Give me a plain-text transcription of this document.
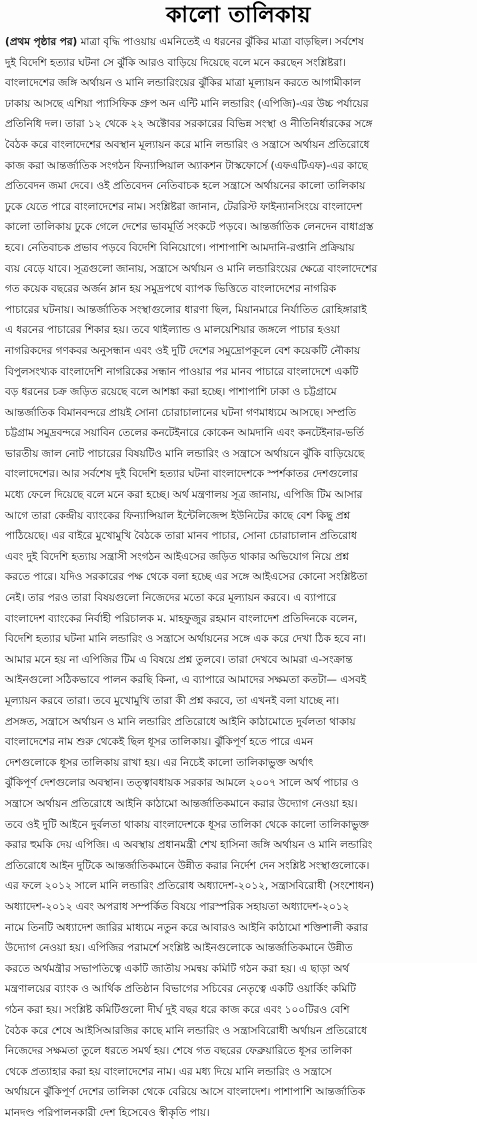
কালো তালিকায়
(প্রথম পৃষ্ঠার পর) মাত্রা বৃদ্ধি পাওয়ায় এমনিতেই এ ধরনের ঝুঁকির মাত্রা বাড়ছিল। সর্বশেষ
দুই বিদেশি হত্যার ঘটনা সে ঝুঁকি আরও বাড়িয়ে দিয়েছে বলে মনে করছেন সংশ্লিষ্টরা।
বাংলাদেশের জঙ্গি অর্থায়ন ও মানি লন্ডারিংয়ের ঝুঁকির মাত্রা মূল্যায়ন করতে আগামীকাল
ঢাকায় আসছে এশিয়া প্যাসিফিক গ্রুপ অন এন্টি মানি লন্ডারিং (এপিজি)-এর উচ্চ পর্যায়ের
প্রতিনিধি দল। তারা ১২ থেকে ২২ অক্টোবর সরকারের বিভিন্ন সংস্থা ও নীতিনির্ধারকের সঙ্গে
বৈঠক করে বাংলাদেশের অবস্থান মূল্যায়ন করে মানি লন্ডারিং ও সন্ত্রাসে অর্থায়ন প্রতিরোধে
কাজ করা আন্তর্জাতিক সংগঠন ফিন্যান্সিয়াল অ্যাকশন টাস্কফোর্সে (এফএটিএফ)-এর কাছে
প্রতিবেদন জমা দেবে। ওই প্রতিবেদন নেতিবাচক হলে সন্ত্রাসে অর্থায়নের কালো তালিকায়
ঢুকে যেতে পারে বাংলাদেশের নাম। সংশ্লিষ্টরা জানান, টেররিস্ট ফাইন্যানসিংয়ে বাংলাদেশ
কালো তালিকায় ঢুকে গেলে দেশের ভাবমূর্তি সংকটে পড়বে। আন্তর্জাতিক লেনদেন বাধাগ্রস্ত
হবে। নেতিবাচক প্রভাব পড়বে বিদেশি বিনিয়োগে। পাশাপাশি আমদানি-রপ্তানি প্রক্রিয়ায়
ব্যয় বেড়ে যাবে। সূত্রগুলো জানায়, সন্ত্রাসে অর্থায়ন ও মানি লন্ডারিংয়ের ক্ষেত্রে বাংলাদেশের
গত কয়েক বছরের অর্জন ম্লান হয় সমুদ্রপথে ব্যাপক ভিত্তিতে বাংলাদেশের নাগরিক
পাচারের ঘটনায়। আন্তর্জাতিক সংস্থাগুলোর ধারণা ছিল, মিয়ানমারে নির্যাতিত রোহিঙ্গারাই
এ ধরনের পাচারের শিকার হয়। তবে থাইল্যান্ড ও মালয়েশিয়ার জঙ্গলে পাচার হওয়া
নাগরিকদের গণকবর অনুসন্ধান এবং ওই দুটি দেশের সমুদ্রোপকূলে বেশ কয়েকটি নৌকায়
বিপুলসংখ্যক বাংলাদেশি নাগরিকের সন্ধান পাওয়ার পর মানব পাচারে বাংলাদেশে একটি
বড় ধরনের চক্র জড়িত রয়েছে বলে আশঙ্কা করা হচ্ছে। পাশাপাশি ঢাকা ও চট্টগ্রামে
আন্তর্জাতিক বিমানবন্দরে প্রায়ই সোনা চোরাচালানের ঘটনা গণমাধ্যমে আসছে। সম্প্রতি
চট্টগ্রাম সমুদ্রবন্দরে সয়াবিন তেলের কনটেইনারে কোকেন আমদানি এবং কনটেইনার-ভর্তি
ভারতীয় জাল নোট পাচারের বিষয়টিও মানি লন্ডারিং ও সন্ত্রাসে অর্থায়নে ঝুঁকি বাড়িয়েছে
বাংলাদেশের। আর সর্বশেষ দুই বিদেশি হত্যার ঘটনা বাংলাদেশকে স্পর্শকাতর দেশগুলোর
মধ্যে ফেলে দিয়েছে বলে মনে করা হচ্ছে। অর্থ মন্ত্রণালয় সূত্র জানায়, এপিজি টিম আসার
আগে তারা কেন্দ্রীয় ব্যাংকের ফিন্যান্সিয়াল ইন্টেলিজেন্স ইউনিটের কাছে বেশ কিছু প্রশ্ন
পাঠিয়েছে। এর বাইরে মুখোমুখি বৈঠকে তারা মানব পাচার, সোনা চোরাচালান প্রতিরোধ
এবং দুই বিদেশি হত্যায় সন্ত্রাসী সংগঠন আইএসের জড়িত থাকার অভিযোগ নিয়ে প্রশ্ন
করতে পারে। যদিও সরকারের পক্ষ থেকে বলা হচ্ছে এর সঙ্গে আইএসের কোনো সংশ্লিষ্টতা
নেই। তার পরও তারা বিষয়গুলো নিজেদের মতো করে মূল্যায়ন করবে। এ ব্যাপারে
বাংলাদেশ ব্যাংকের নির্বাহী পরিচালক ম. মাহফুজুর রহমান বাংলাদেশ প্রতিদিনকে বলেন,
বিদেশি হত্যার ঘটনা মানি লন্ডারিং ও সন্ত্রাসে অর্থায়নের সঙ্গে এক করে দেখা ঠিক হবে না।
আমার মনে হয় না এপিজির টিম এ বিষয়ে প্রশ্ন তুলবে। তারা দেখবে আমরা এ-সংক্রান্ত
আইনগুলো সঠিকভাবে পালন করছি কিনা, এ ব্যাপারে আমাদের সক্ষমতা কতটা— এসবই
মূল্যায়ন করবে তারা। তবে মুখোমুখি তারা কী প্রশ্ন করবে, তা এখনই বলা যাচ্ছে না।
প্রসঙ্গত, সন্ত্রাসে অর্থায়ন ও মানি লন্ডারিং প্রতিরোধে আইনি কাঠামোতে দুর্বলতা থাকায়
বাংলাদেশের নাম শুরু থেকেই ছিল ধূসর তালিকায়। ঝুঁকিপূর্ণ হতে পারে এমন
দেশগুলোকে ধূসর তালিকায় রাখা হয়। এর নিচেই কালো তালিকাভুক্ত অর্থাৎ
ঝুঁকিপূর্ণ দেশগুলোর অবস্থান। তত্ত্বাবধায়ক সরকার আমলে ২০০৭ সালে অর্থ পাচার ও
সন্ত্রাসে অর্থায়ন প্রতিরোধে আইনি কাঠামো আন্তর্জাতিকমানে করার উদ্যোগ নেওয়া হয়।
তবে ওই দুটি আইনে দুর্বলতা থাকায় বাংলাদেশকে ধূসর তালিকা থেকে কালো তালিকাভুক্ত
করার হুমকি দেয় এপিজি। এ অবস্থায় প্রধানমন্ত্রী শেখ হাসিনা জঙ্গি অর্থায়ন ও মানি লন্ডারিং
প্রতিরোধে আইন দুটিকে আন্তর্জাতিকমানে উন্নীত করার নির্দেশ দেন সংশ্লিষ্ট সংস্থাগুলোকে।
এর ফলে ২০১২ সালে মানি লন্ডারিং প্রতিরোধ অধ্যাদেশ-২০১২, সন্ত্রাসবিরোধী (সংশোধন)
অধ্যাদেশ-২০১২ এবং অপরাধ সম্পর্কিত বিষয়ে পারস্পরিক সহায়তা অধ্যাদেশ-২০১২
নামে তিনটি অধ্যাদেশ জারির মাধ্যমে নতুন করে আবারও আইনি কাঠামো শক্তিশালী করার
উদ্যোগ নেওয়া হয়। এপিজির পরামর্শে সংশ্লিষ্ট আইনগুলোকে আন্তর্জাতিকমানে উন্নীত
করতে অর্থমন্ত্রীর সভাপতিত্বে একটি জাতীয় সমন্বয় কমিটি গঠন করা হয়। এ ছাড়া অর্থ
মন্ত্রণালয়ের ব্যাংক ও আর্থিক প্রতিষ্ঠান বিভাগের সচিবের নেতৃত্বে একটি ওয়ার্কিং কমিটি
গঠন করা হয়। সংশ্লিষ্ট কমিটিগুলো দীর্ঘ দুই বছর ধরে কাজ করে এবং ১০০টিরও বেশি
বৈঠক করে শেষে আইসিআরজির কাছে মানি লন্ডারিং ও সন্ত্রাসবিরোধী অর্থায়ন প্রতিরোধে
নিজেদের সক্ষমতা তুলে ধরতে সমর্থ হয়। শেষে গত বছরের ফেব্রুয়ারিতে ধূসর তালিকা
থেকে প্রত্যাহার করা হয় বাংলাদেশের নাম। এর মধ্য দিয়ে মানি লন্ডারিং ও সন্ত্রাসে
অর্থায়নে ঝুঁকিপূর্ণ দেশের তালিকা থেকে বেরিয়ে আসে বাংলাদেশ। পাশাপাশি আন্তর্জাতিক
মানদণ্ড পরিপালনকারী দেশ হিসেবেও স্বীকৃতি পায়।
